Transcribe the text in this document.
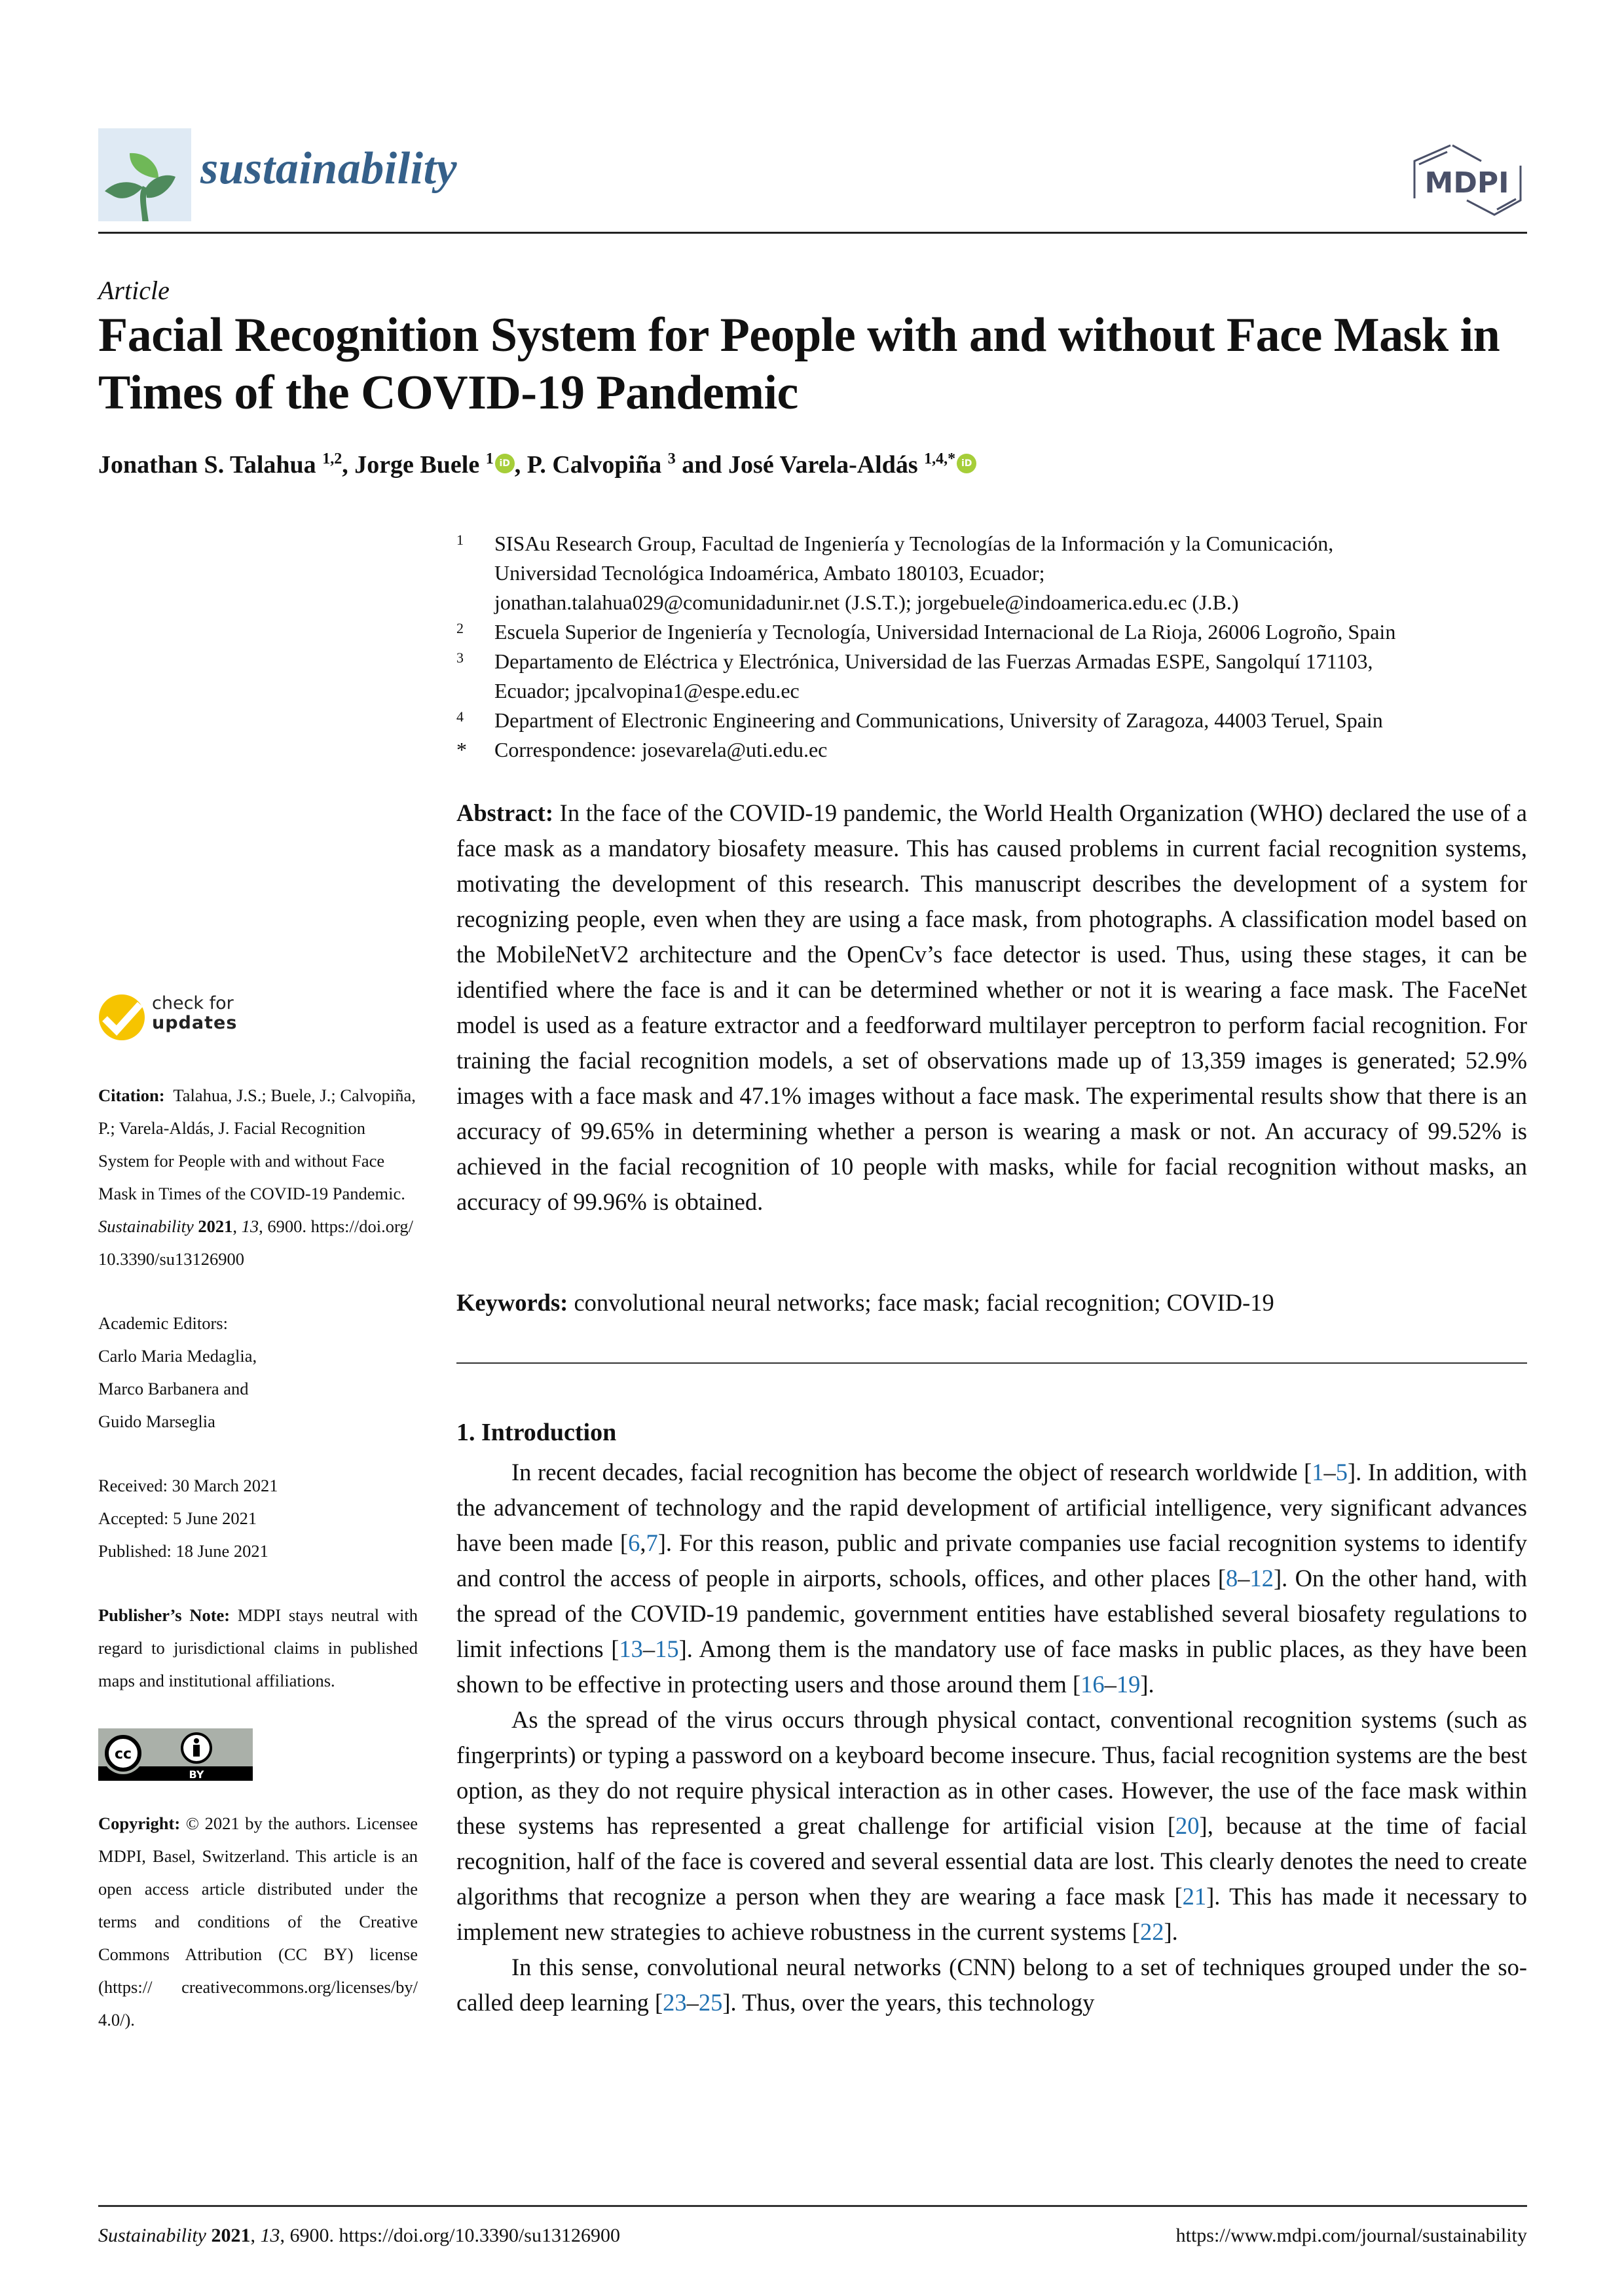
sustainability	MDPI
Article
Facial Recognition System for People with and without Face Mask in Times of the COVID-19 Pandemic
Jonathan S. Talahua $^{1,2}$, Jorge Buele $^1$ iD , P. Calvopiña $^3$ and José Varela-Aldás $^{1,4,*}$ iD
1 SISAu Research Group, Facultad de Ingeniería y Tecnologías de la Información y la Comunicación,
Universidad Tecnológica Indoamérica, Ambato 180103, Ecuador;
jonathan.talahua029@comunidadunir.net (J.S.T.); jorgebuele@indoamerica.edu.ec (J.B.)
2 Escuela Superior de Ingeniería y Tecnología, Universidad Internacional de La Rioja, 26006 Logroño, Spain
3 Departamento de Eléctrica y Electrónica, Universidad de las Fuerzas Armadas ESPE, Sangolquí 171103,
Ecuador; jpcalvopina1@espe.edu.ec
4 Department of Electronic Engineering and Communications, University of Zaragoza, 44003 Teruel, Spain
* Correspondence: josevarela@uti.edu.ec
Abstract: In the face of the COVID-19 pandemic, the World Health Organization (WHO) declared the use of a face mask as a mandatory biosafety measure. This has caused problems in current facial recognition systems, motivating the development of this research. This manuscript describes the development of a system for recognizing people, even when they are using a face mask, from photographs. A classification model based on the MobileNetV2 architecture and the OpenCv’s face detector is used. Thus, using these stages, it can be identified where the face is and it can be determined whether or not it is wearing a face mask. The FaceNet model is used as a feature extractor and a feedforward multilayer perceptron to perform facial recognition. For training the facial recognition models, a set of observations made up of 13,359 images is generated; 52.9% images with a face mask and 47.1% images without a face mask. The experimental results show that there is an accuracy of 99.65% in determining whether a person is wearing a mask or not. An accuracy of 99.52% is achieved in the facial recognition of 10 people with masks, while for facial recognition without masks, an accuracy of 99.96% is obtained.
Keywords: convolutional neural networks; face mask; facial recognition; COVID-19
1. Introduction

In recent decades, facial recognition has become the object of research worldwide [1–5]. In addition, with the advancement of technology and the rapid development of artificial intelligence, very significant advances have been made [6,7]. For this reason, public and private companies use facial recognition systems to identify and control the access of people in airports, schools, offices, and other places [8–12]. On the other hand, with the spread of the COVID-19 pandemic, government entities have established several biosafety regulations to limit infections [13–15]. Among them is the mandatory use of face masks in public places, as they have been shown to be effective in protecting users and those around them [16–19].

As the spread of the virus occurs through physical contact, conventional recognition systems (such as fingerprints) or typing a password on a keyboard become insecure. Thus, facial recognition systems are the best option, as they do not require physical interaction as in other cases. However, the use of the face mask within these systems has represented a great challenge for artificial vision [20], because at the time of facial recognition, half of the face is covered and several essential data are lost. This clearly denotes the need to create algorithms that recognize a person when they are wearing a face mask [21]. This has made it necessary to implement new strategies to achieve robustness in the current systems [22].

In this sense, convolutional neural networks (CNN) belong to a set of techniques grouped under the so-called deep learning [23–25]. Thus, over the years, this technology

check for
updates
Citation: Talahua, J.S.; Buele, J.; Calvopiña, P.; Varela-Aldás, J. Facial Recognition System for People with and without Face Mask in Times of the COVID-19 Pandemic. Sustainability 2021, 13, 6900. https://doi.org/10.3390/su13126900

Academic Editors:

Carlo Maria Medaglia,

Marco Barbanera and

Guido Marseglia

Received: 30 March 2021

Accepted: 5 June 2021

Published: 18 June 2021

Publisher’s Note: MDPI stays neutral with regard to jurisdictional claims in published maps and institutional affiliations.
cc
BY
Copyright: © 2021 by the authors. Licensee MDPI, Basel, Switzerland. This article is an open access article distributed under the terms and conditions of the Creative Commons Attribution (CC BY) license (https:// creativecommons.org/licenses/by/ 4.0/).
Sustainability 2021, 13, 6900. https://doi.org/10.3390/su13126900	https://www.mdpi.com/journal/sustainability
